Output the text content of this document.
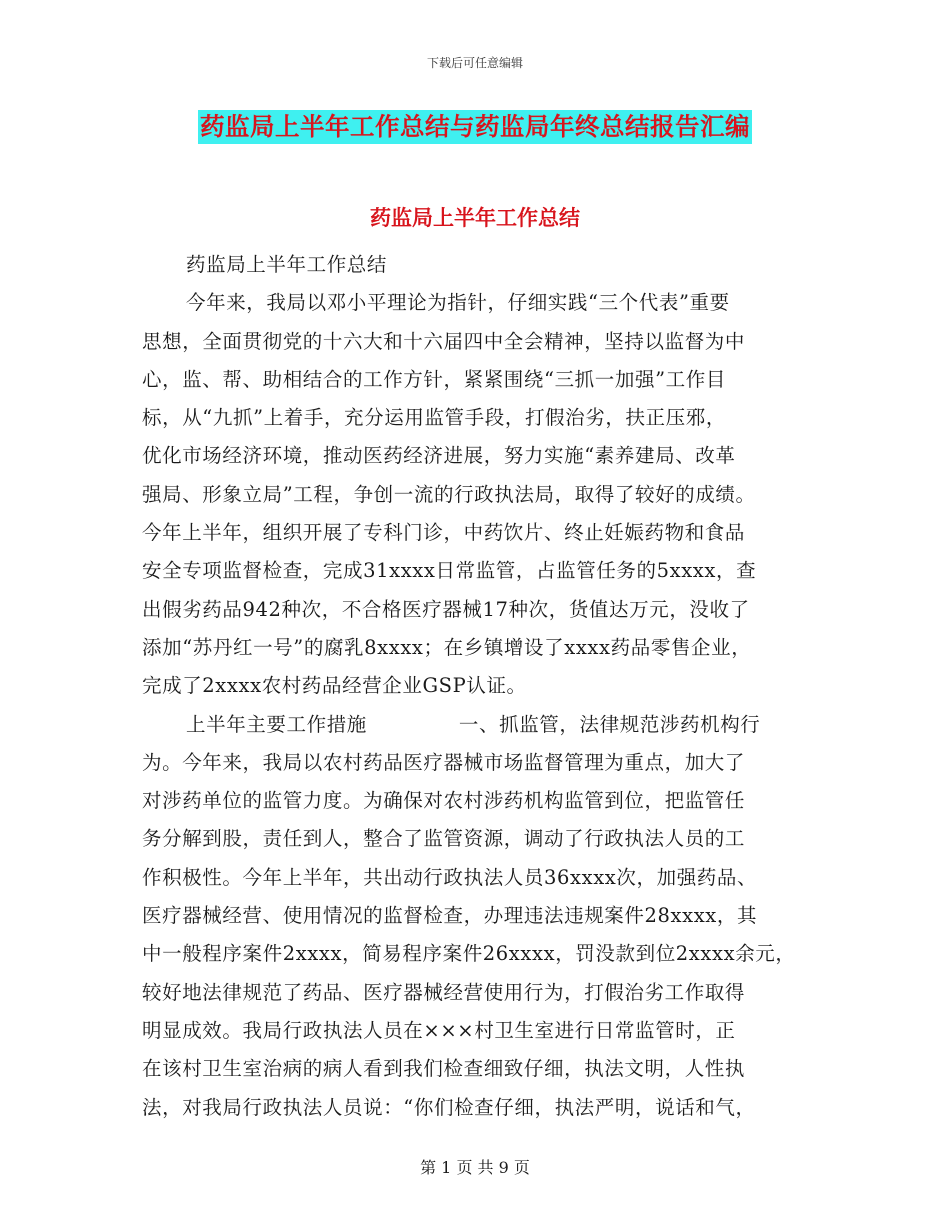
下载后可任意编辑
药监局上半年工作总结与药监局年终总结报告汇编
药监局上半年工作总结
药监局上半年工作总结
今年来，我局以邓小平理论为指针，仔细实践“三个代表”重要
思想，全面贯彻党的十六大和十六届四中全会精神，坚持以监督为中
心，监、帮、助相结合的工作方针，紧紧围绕“三抓一加强”工作目
标，从“九抓”上着手，充分运用监管手段，打假治劣，扶正压邪，
优化市场经济环境，推动医药经济进展，努力实施“素养建局、改革
强局、形象立局”工程，争创一流的行政执法局，取得了较好的成绩。
今年上半年，组织开展了专科门诊，中药饮片、终止妊娠药物和食品
安全专项监督检查，完成31xxxx日常监管，占监管任务的5xxxx，查
出假劣药品942种次，不合格医疗器械17种次，货值达万元，没收了
添加“苏丹红一号”的腐乳8xxxx；在乡镇增设了xxxx药品零售企业，
完成了2xxxx农村药品经营企业GSP认证。
上半年主要工作措施	一、抓监管，法律规范涉药机构行
为。今年来，我局以农村药品医疗器械市场监督管理为重点，加大了
对涉药单位的监管力度。为确保对农村涉药机构监管到位，把监管任
务分解到股，责任到人，整合了监管资源，调动了行政执法人员的工
作积极性。今年上半年，共出动行政执法人员36xxxx次，加强药品、
医疗器械经营、使用情况的监督检查，办理违法违规案件28xxxx，其
中一般程序案件2xxxx，简易程序案件26xxxx，罚没款到位2xxxx余元，
较好地法律规范了药品、医疗器械经营使用行为，打假治劣工作取得
明显成效。我局行政执法人员在×××村卫生室进行日常监管时，正
在该村卫生室治病的病人看到我们检查细致仔细，执法文明，人性执
法，对我局行政执法人员说：“你们检查仔细，执法严明，说话和气，
第 1 页 共 9 页
